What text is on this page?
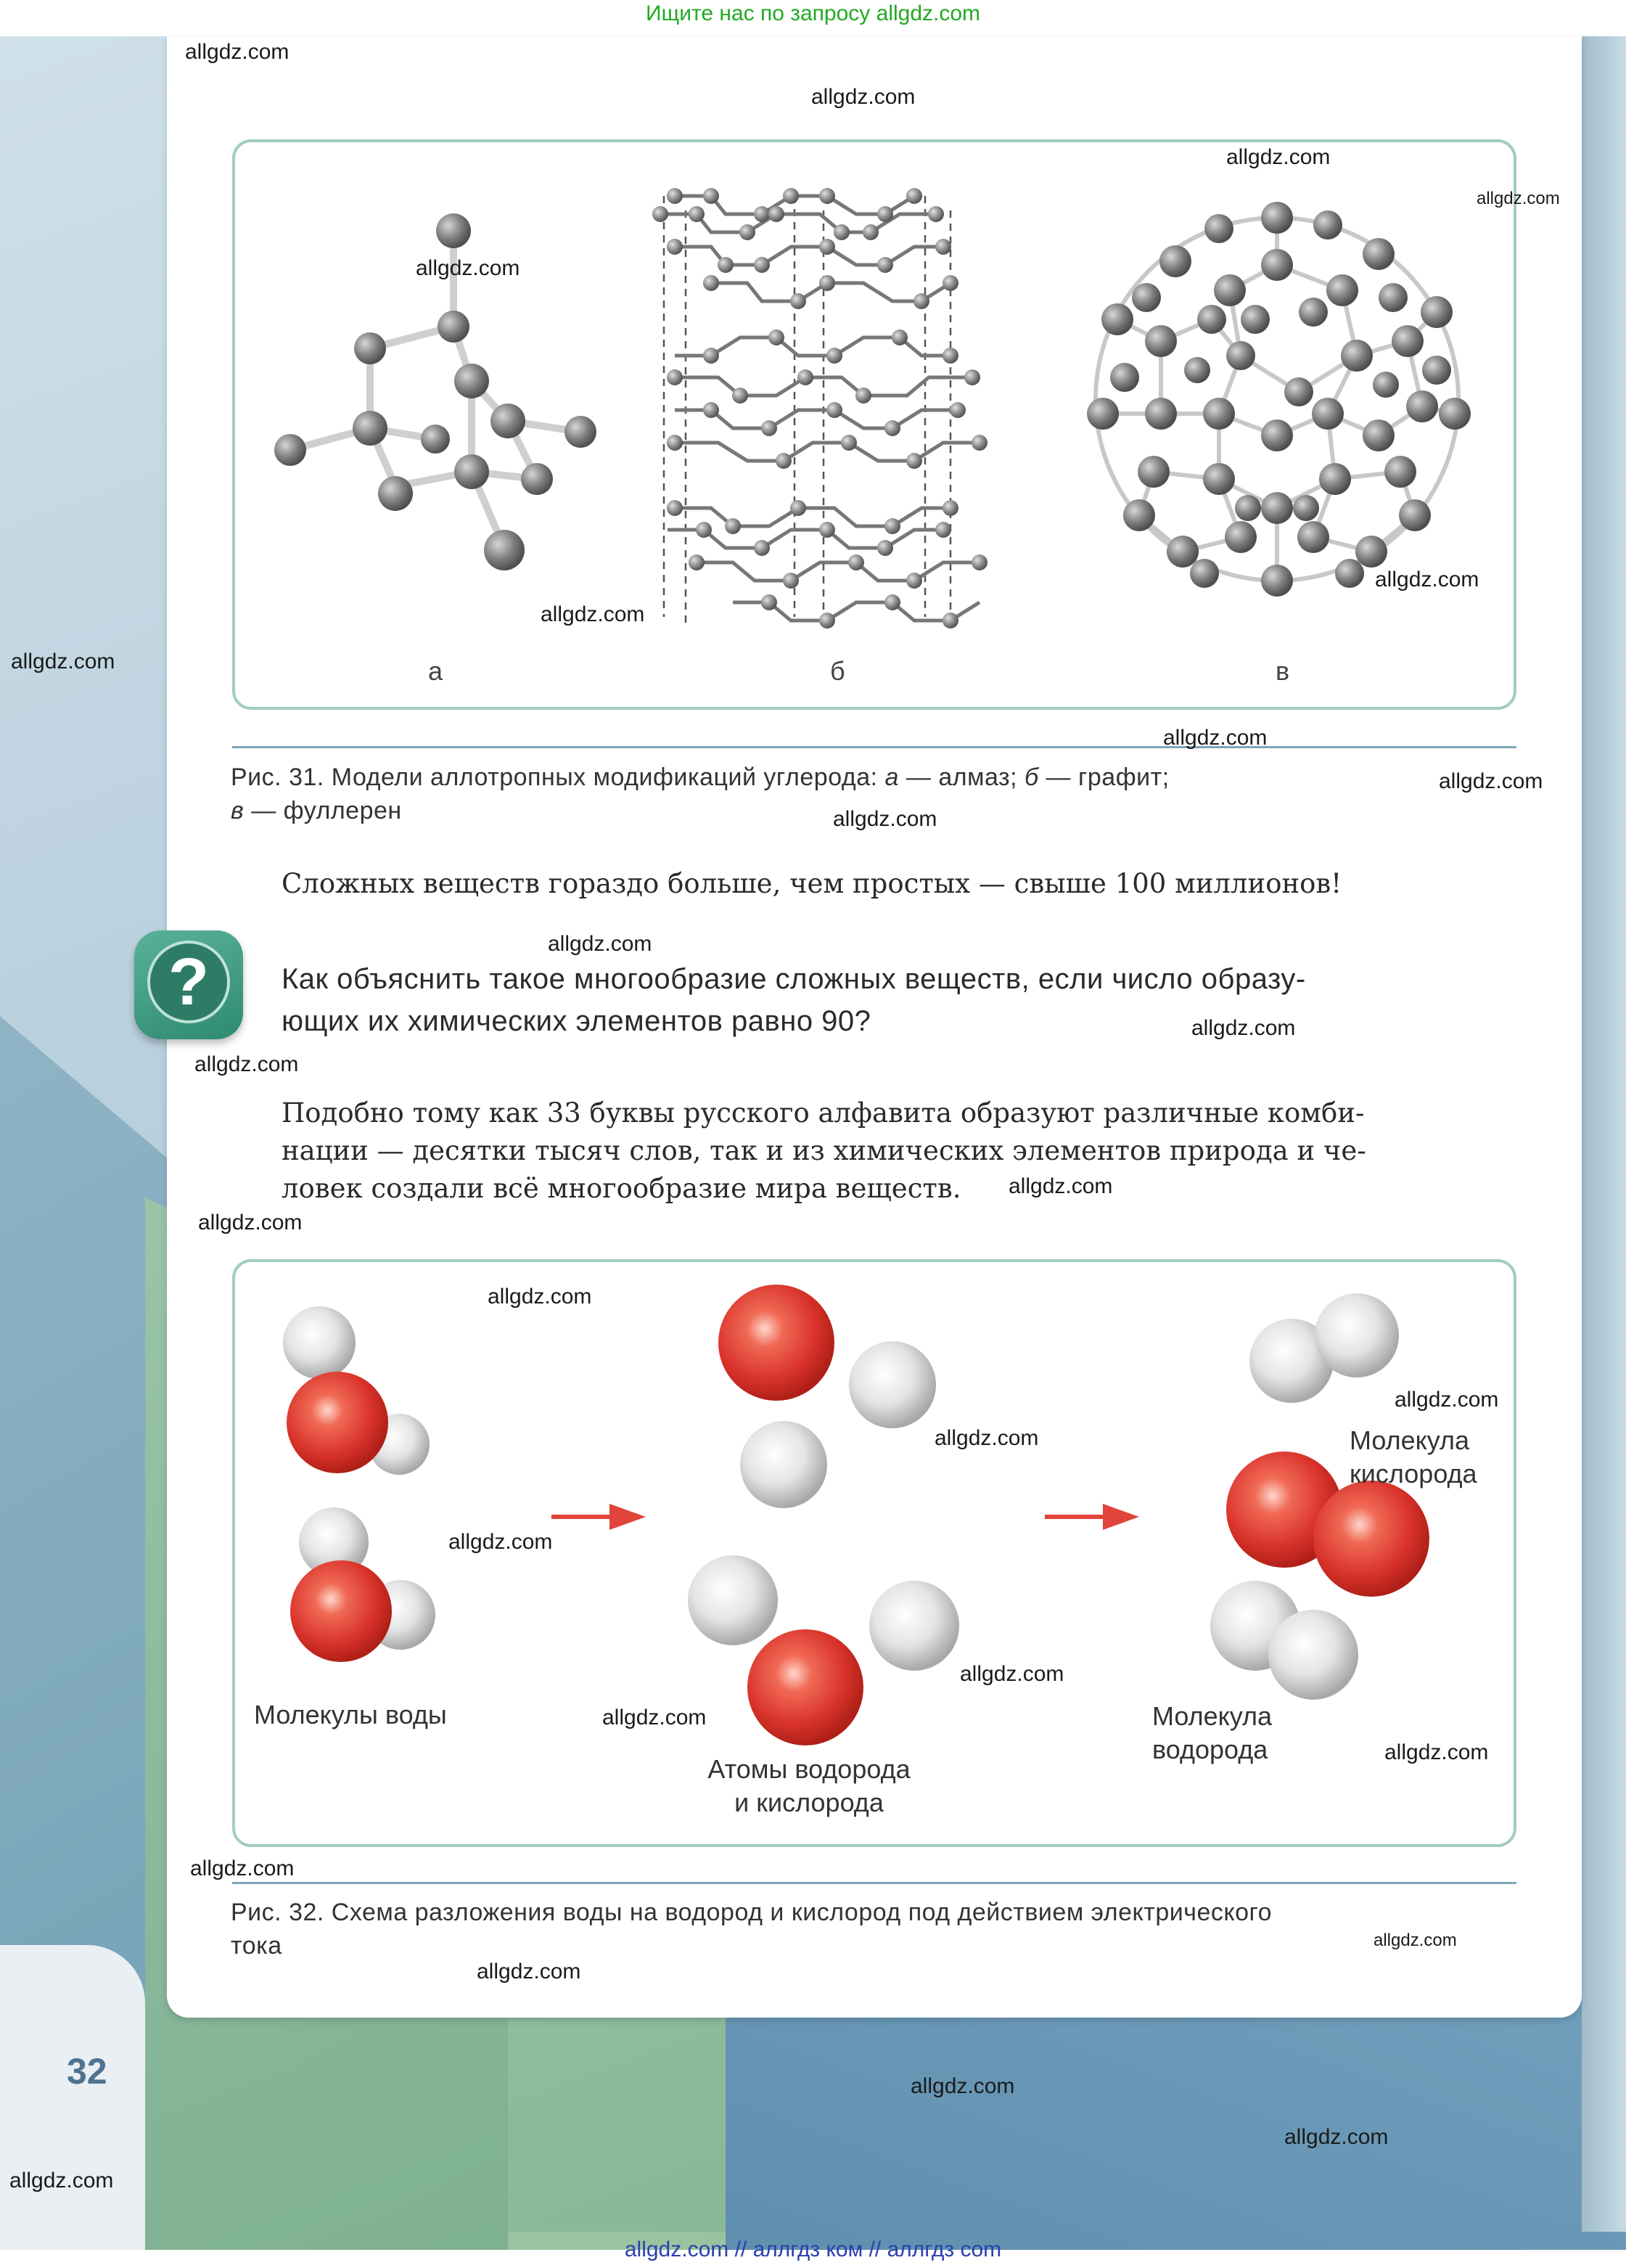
32
а	б	в
Рис. 31. Модели аллотропных модификаций углерода: а — алмаз; б — графит;
в — фуллерен
Сложных веществ гораздо больше, чем простых — свыше 100 миллионов!
?	Как объяснить такое многообразие сложных веществ, если число образу-
ющих их химических элементов равно 90?
Подобно тому как 33 буквы русского алфавита образуют различные комби-
нации — десятки тысяч слов, так и из химических элементов природа и че-
ловек создали всё многообразие мира веществ.
Молекулы воды
Атомы водорода
и кислорода
Молекула
кислорода
Молекула
водорода
Рис. 32. Схема разложения воды на водород и кислород под действием электрического
тока
Ищите нас по запросу allgdz.com
allgdz.com // аллгдз ком // аллгдз com
allgdz.com
allgdz.com
allgdz.com
allgdz.com
allgdz.com
allgdz.com
allgdz.com
allgdz.com
allgdz.com
allgdz.com
allgdz.com
allgdz.com
allgdz.com
allgdz.com
allgdz.com
allgdz.com
allgdz.com
allgdz.com
allgdz.com
allgdz.com
allgdz.com
allgdz.com
allgdz.com
allgdz.com
allgdz.com
allgdz.com
allgdz.com
allgdz.com
allgdz.com
